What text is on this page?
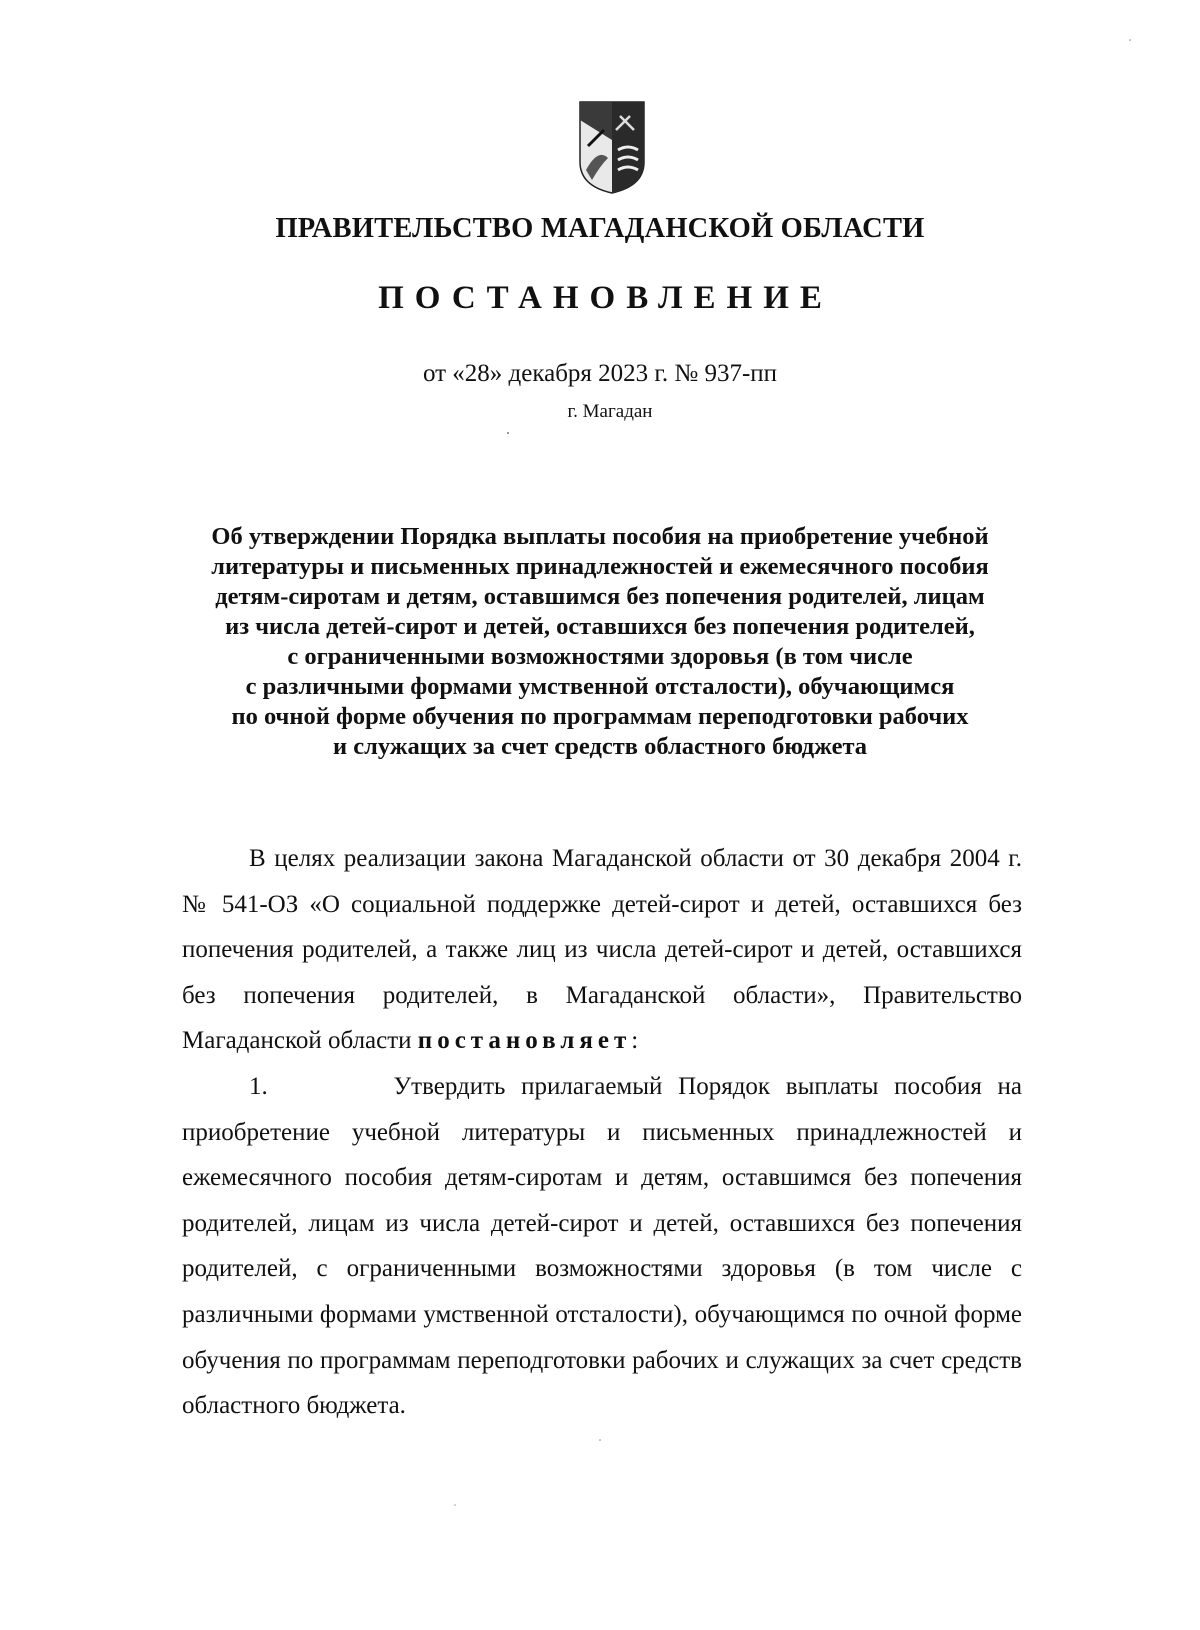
ПРАВИТЕЛЬСТВО МАГАДАНСКОЙ ОБЛАСТИ
ПОСТАНОВЛЕНИЕ
от «28» декабря 2023 г. № 937-пп
г. Магадан
Об утверждении Порядка выплаты пособия на приобретение учебной
литературы и письменных принадлежностей и ежемесячного пособия
детям-сиротам и детям, оставшимся без попечения родителей, лицам
из числа детей-сирот и детей, оставшихся без попечения родителей,
с ограниченными возможностями здоровья (в том числе
с различными формами умственной отсталости), обучающимся
по очной форме обучения по программам переподготовки рабочих
и служащих за счет средств областного бюджета

В целях реализации закона Магаданской области от 30 декабря 2004 г. № 541-ОЗ «О социальной поддержке детей-сирот и детей, оставшихся без попечения родителей, а также лиц из числа детей-сирот и детей, оставшихся без попечения родителей, в Магаданской области», Правительство Магаданской области постановляет:

1.	Утвердить прилагаемый Порядок выплаты пособия на приобретение учебной литературы и письменных принадлежностей и ежемесячного пособия детям-сиротам и детям, оставшимся без попечения родителей, лицам из числа детей-сирот и детей, оставшихся без попечения родителей, с ограниченными возможностями здоровья (в том числе с различными формами умственной отсталости), обучающимся по очной форме обучения по программам переподготовки рабочих и служащих за счет средств областного бюджета.
